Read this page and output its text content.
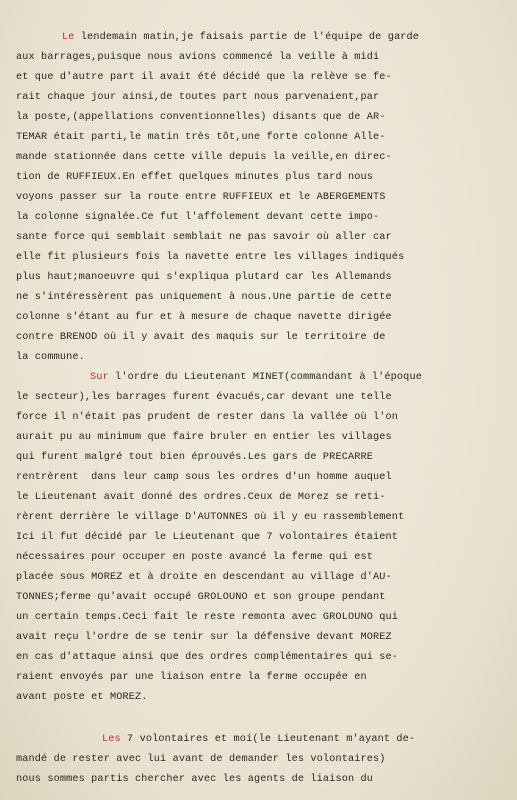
Le lendemain matin,je faisais partie de l'équipe de garde
aux barrages,puisque nous avions commencé la veille à midi
et que d'autre part il avait été décidé que la relève se fe-
rait chaque jour ainsi,de toutes part nous parvenaient,par
la poste,(appellations conventionnelles) disants que de AR-
TEMAR était parti,le matin très tôt,une forte colonne Alle-
mande stationnée dans cette ville depuis la veille,en direc-
tion de RUFFIEUX.En effet quelques minutes plus tard nous
voyons passer sur la route entre RUFFIEUX et le ABERGEMENTS
la colonne signalée.Ce fut l'affolement devant cette impo-
sante force qui semblait semblait ne pas savoir où aller car
elle fit plusieurs fois la navette entre les villages indiqués
plus haut;manoeuvre qui s'expliqua plutard car les Allemands
ne s'intéressèrent pas uniquement à nous.Une partie de cette
colonne s'étant au fur et à mesure de chaque navette dirigée
contre BRENOD où il y avait des maquis sur le territoire de
la commune.
Sur l'ordre du Lieutenant MINET(commandant à l'époque
le secteur),les barrages furent évacués,car devant une telle
force il n'était pas prudent de rester dans la vallée où l'on
aurait pu au minimum que faire bruler en entier les villages
qui furent malgré tout bien éprouvés.Les gars de PRECARRE
rentrèrent  dans leur camp sous les ordres d'un homme auquel
le Lieutenant avait donné des ordres.Ceux de Morez se reti-
rèrent derrière le village D'AUTONNES où il y eu rassemblement
Ici il fut décidé par le Lieutenant que 7 volontaires étaient
nécessaires pour occuper en poste avancé la ferme qui est
placée sous MOREZ et à droite en descendant au village d'AU-
TONNES;ferme qu'avait occupé GROLOUNO et son groupe pendant
un certain temps.Ceci fait le reste remonta avec GROLOUNO qui
avait reçu l'ordre de se tenir sur la défensive devant MOREZ
en cas d'attaque ainsi que des ordres complémentaires qui se-
raient envoyés par une liaison entre la ferme occupée en
avant poste et MOREZ.
Les 7 volontaires et moi(le Lieutenant m'ayant de-
mandé de rester avec lui avant de demander les volontaires)
nous sommes partis chercher avec les agents de liaison du
